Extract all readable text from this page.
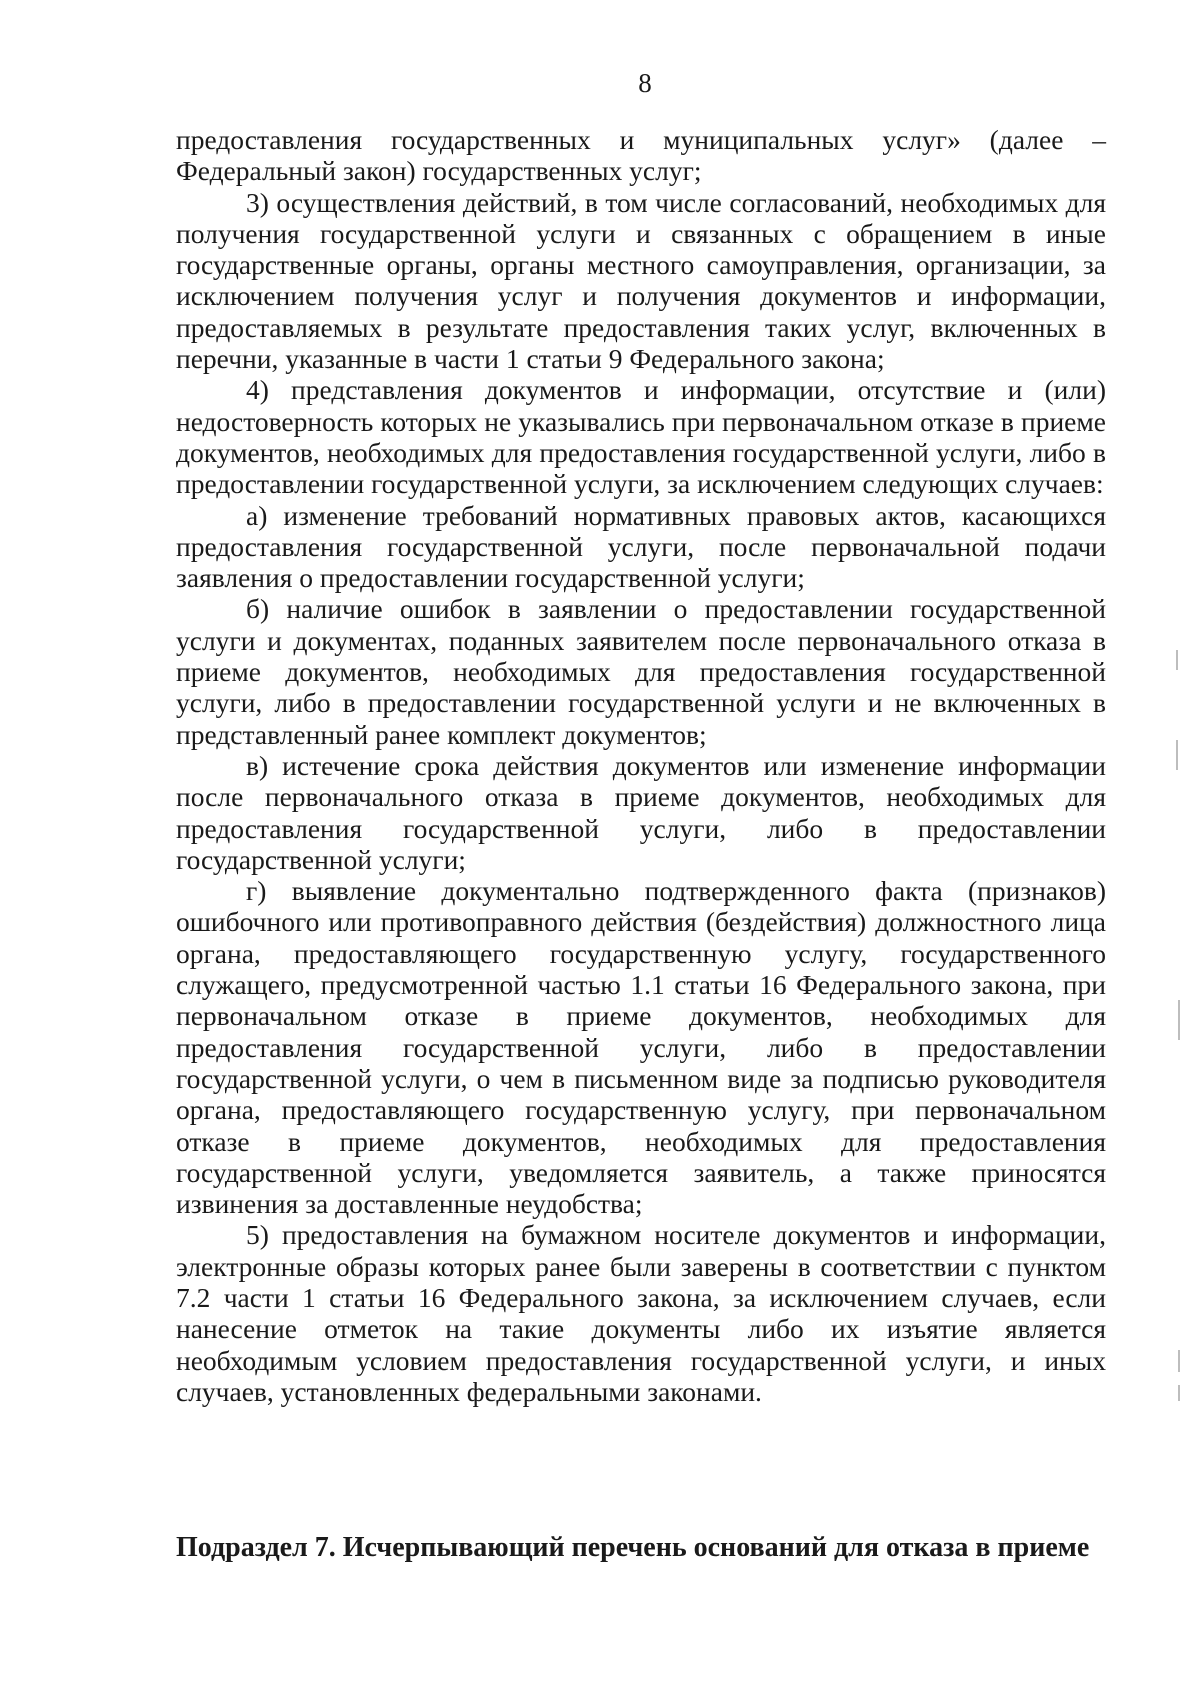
8

предоставления государственных и муниципальных услуг» (далее – Федеральный закон) государственных услуг;

3) осуществления действий, в том числе согласований, необходимых для получения государственной услуги и связанных с обращением в иные государственные органы, органы местного самоуправления, организации, за исключением получения услуг и получения документов и информации, предоставляемых в результате предоставления таких услуг, включенных в перечни, указанные в части 1 статьи 9 Федерального закона;

4) представления документов и информации, отсутствие и (или) недостоверность которых не указывались при первоначальном отказе в приеме документов, необходимых для предоставления государственной услуги, либо в предоставлении государственной услуги, за исключением следующих случаев:

а) изменение требований нормативных правовых актов, касающихся предоставления государственной услуги, после первоначальной подачи заявления о предоставлении государственной услуги;

б) наличие ошибок в заявлении о предоставлении государственной услуги и документах, поданных заявителем после первоначального отказа в приеме документов, необходимых для предоставления государственной услуги, либо в предоставлении государственной услуги и не включенных в представленный ранее комплект документов;

в) истечение срока действия документов или изменение информации после первоначального отказа в приеме документов, необходимых для предоставления государственной услуги, либо в предоставлении государственной услуги;

г) выявление документально подтвержденного факта (признаков) ошибочного или противоправного действия (бездействия) должностного лица органа, предоставляющего государственную услугу, государственного служащего, предусмотренной частью 1.1 статьи 16 Федерального закона, при первоначальном отказе в приеме документов, необходимых для предоставления государственной услуги, либо в предоставлении государственной услуги, о чем в письменном виде за подписью руководителя органа, предоставляющего государственную услугу, при первоначальном отказе в приеме документов, необходимых для предоставления государственной услуги, уведомляется заявитель, а также приносятся извинения за доставленные неудобства;

5) предоставления на бумажном носителе документов и информации, электронные образы которых ранее были заверены в соответствии с пунктом 7.2 части 1 статьи 16 Федерального закона, за исключением случаев, если нанесение отметок на такие документы либо их изъятие является необходимым условием предоставления государственной услуги, и иных случаев, установленных федеральными законами.

Подраздел 7. Исчерпывающий перечень оснований для отказа в приеме
